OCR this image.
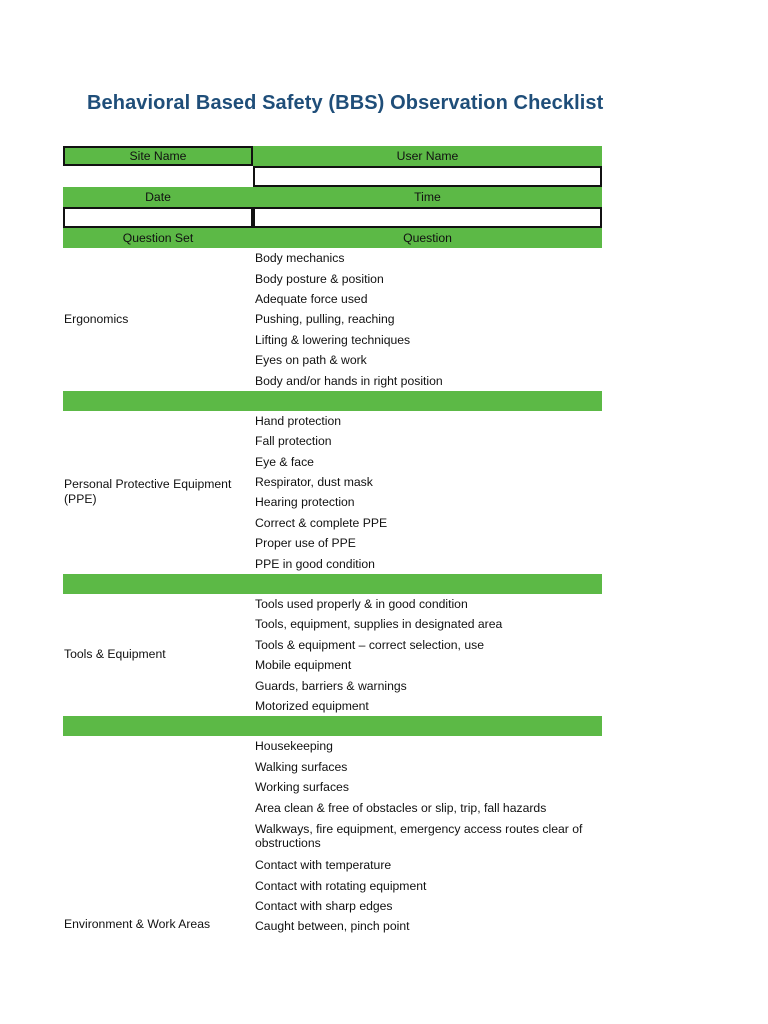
Behavioral Based Safety (BBS) Observation Checklist
Site Name	User Name
Date	Time
Question Set	Question
Ergonomics
Body mechanics
Body posture & position
Adequate force used
Pushing, pulling, reaching
Lifting & lowering techniques
Eyes on path & work
Body and/or hands in right position
Personal Protective Equipment (PPE)
Hand protection
Fall protection
Eye & face
Respirator, dust mask
Hearing protection
Correct & complete PPE
Proper use of PPE
PPE in good condition
Tools & Equipment
Tools used properly & in good condition
Tools, equipment, supplies in designated area
Tools & equipment – correct selection, use
Mobile equipment
Guards, barriers & warnings
Motorized equipment
Environment & Work Areas
Housekeeping
Walking surfaces
Working surfaces
Area clean & free of obstacles or slip, trip, fall hazards
Walkways, fire equipment, emergency access routes clear of obstructions
Contact with temperature
Contact with rotating equipment
Contact with sharp edges
Caught between, pinch point
